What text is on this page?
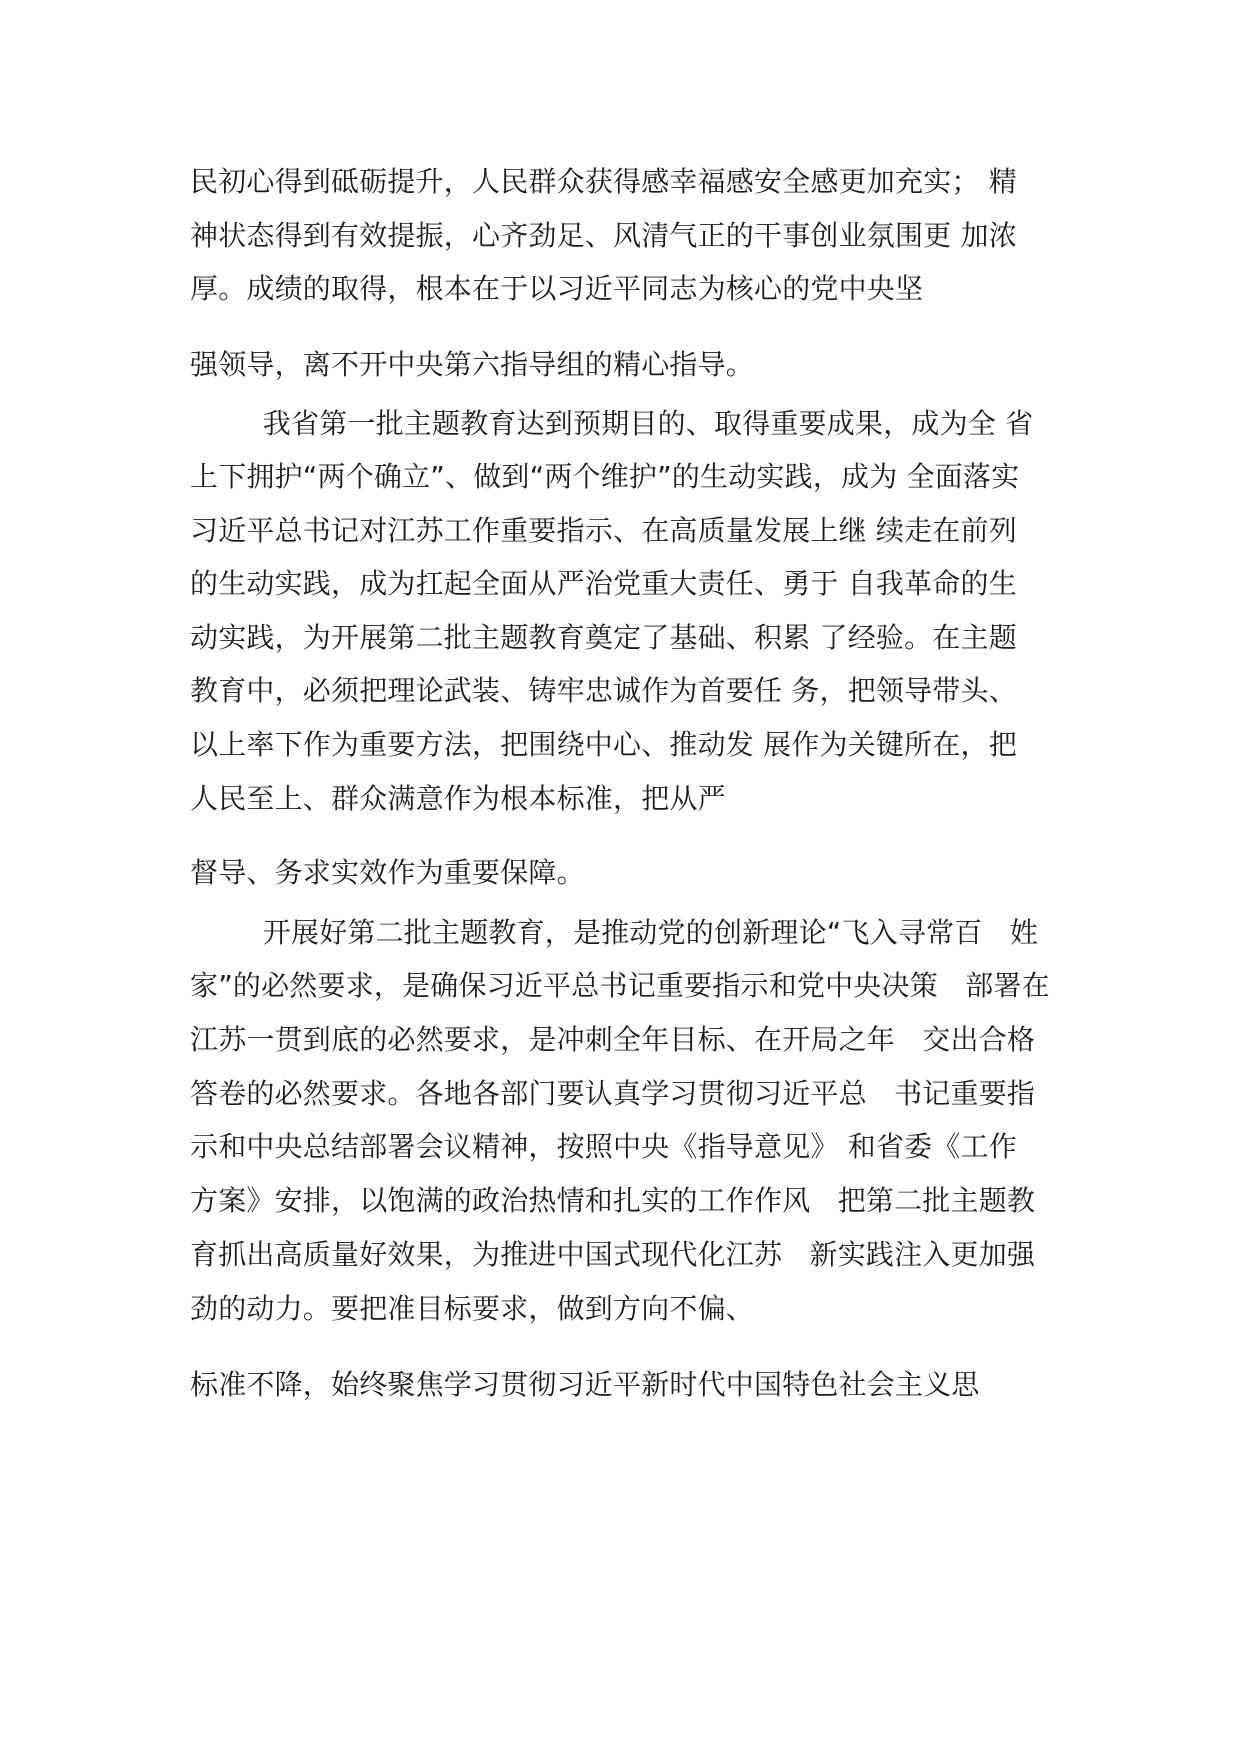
民初心得到砥砺提升，人民群众获得感幸福感安全感更加充实； 精
神状态得到有效提振，心齐劲足、风清气正的干事创业氛围更 加浓
厚。成绩的取得，根本在于以习近平同志为核心的党中央坚
强领导，离不开中央第六指导组的精心指导。
我省第一批主题教育达到预期目的、取得重要成果，成为全 省
上下拥护“两个确立”、做到“两个维护”的生动实践，成为 全面落实
习近平总书记对江苏工作重要指示、在高质量发展上继 续走在前列
的生动实践，成为扛起全面从严治党重大责任、勇于 自我革命的生
动实践，为开展第二批主题教育奠定了基础、积累 了经验。在主题
教育中，必须把理论武装、铸牢忠诚作为首要任 务，把领导带头、
以上率下作为重要方法，把围绕中心、推动发 展作为关键所在，把
人民至上、群众满意作为根本标准，把从严
督导、务求实效作为重要保障。
开展好第二批主题教育，是推动党的创新理论“飞入寻常百   姓
家”的必然要求，是确保习近平总书记重要指示和党中央决策   部署在
江苏一贯到底的必然要求，是冲刺全年目标、在开局之年   交出合格
答卷的必然要求。各地各部门要认真学习贯彻习近平总   书记重要指
示和中央总结部署会议精神，按照中央《指导意见》 和省委《工作
方案》安排，以饱满的政治热情和扎实的工作作风   把第二批主题教
育抓出高质量好效果，为推进中国式现代化江苏   新实践注入更加强
劲的动力。要把准目标要求，做到方向不偏、
标准不降，始终聚焦学习贯彻习近平新时代中国特色社会主义思
